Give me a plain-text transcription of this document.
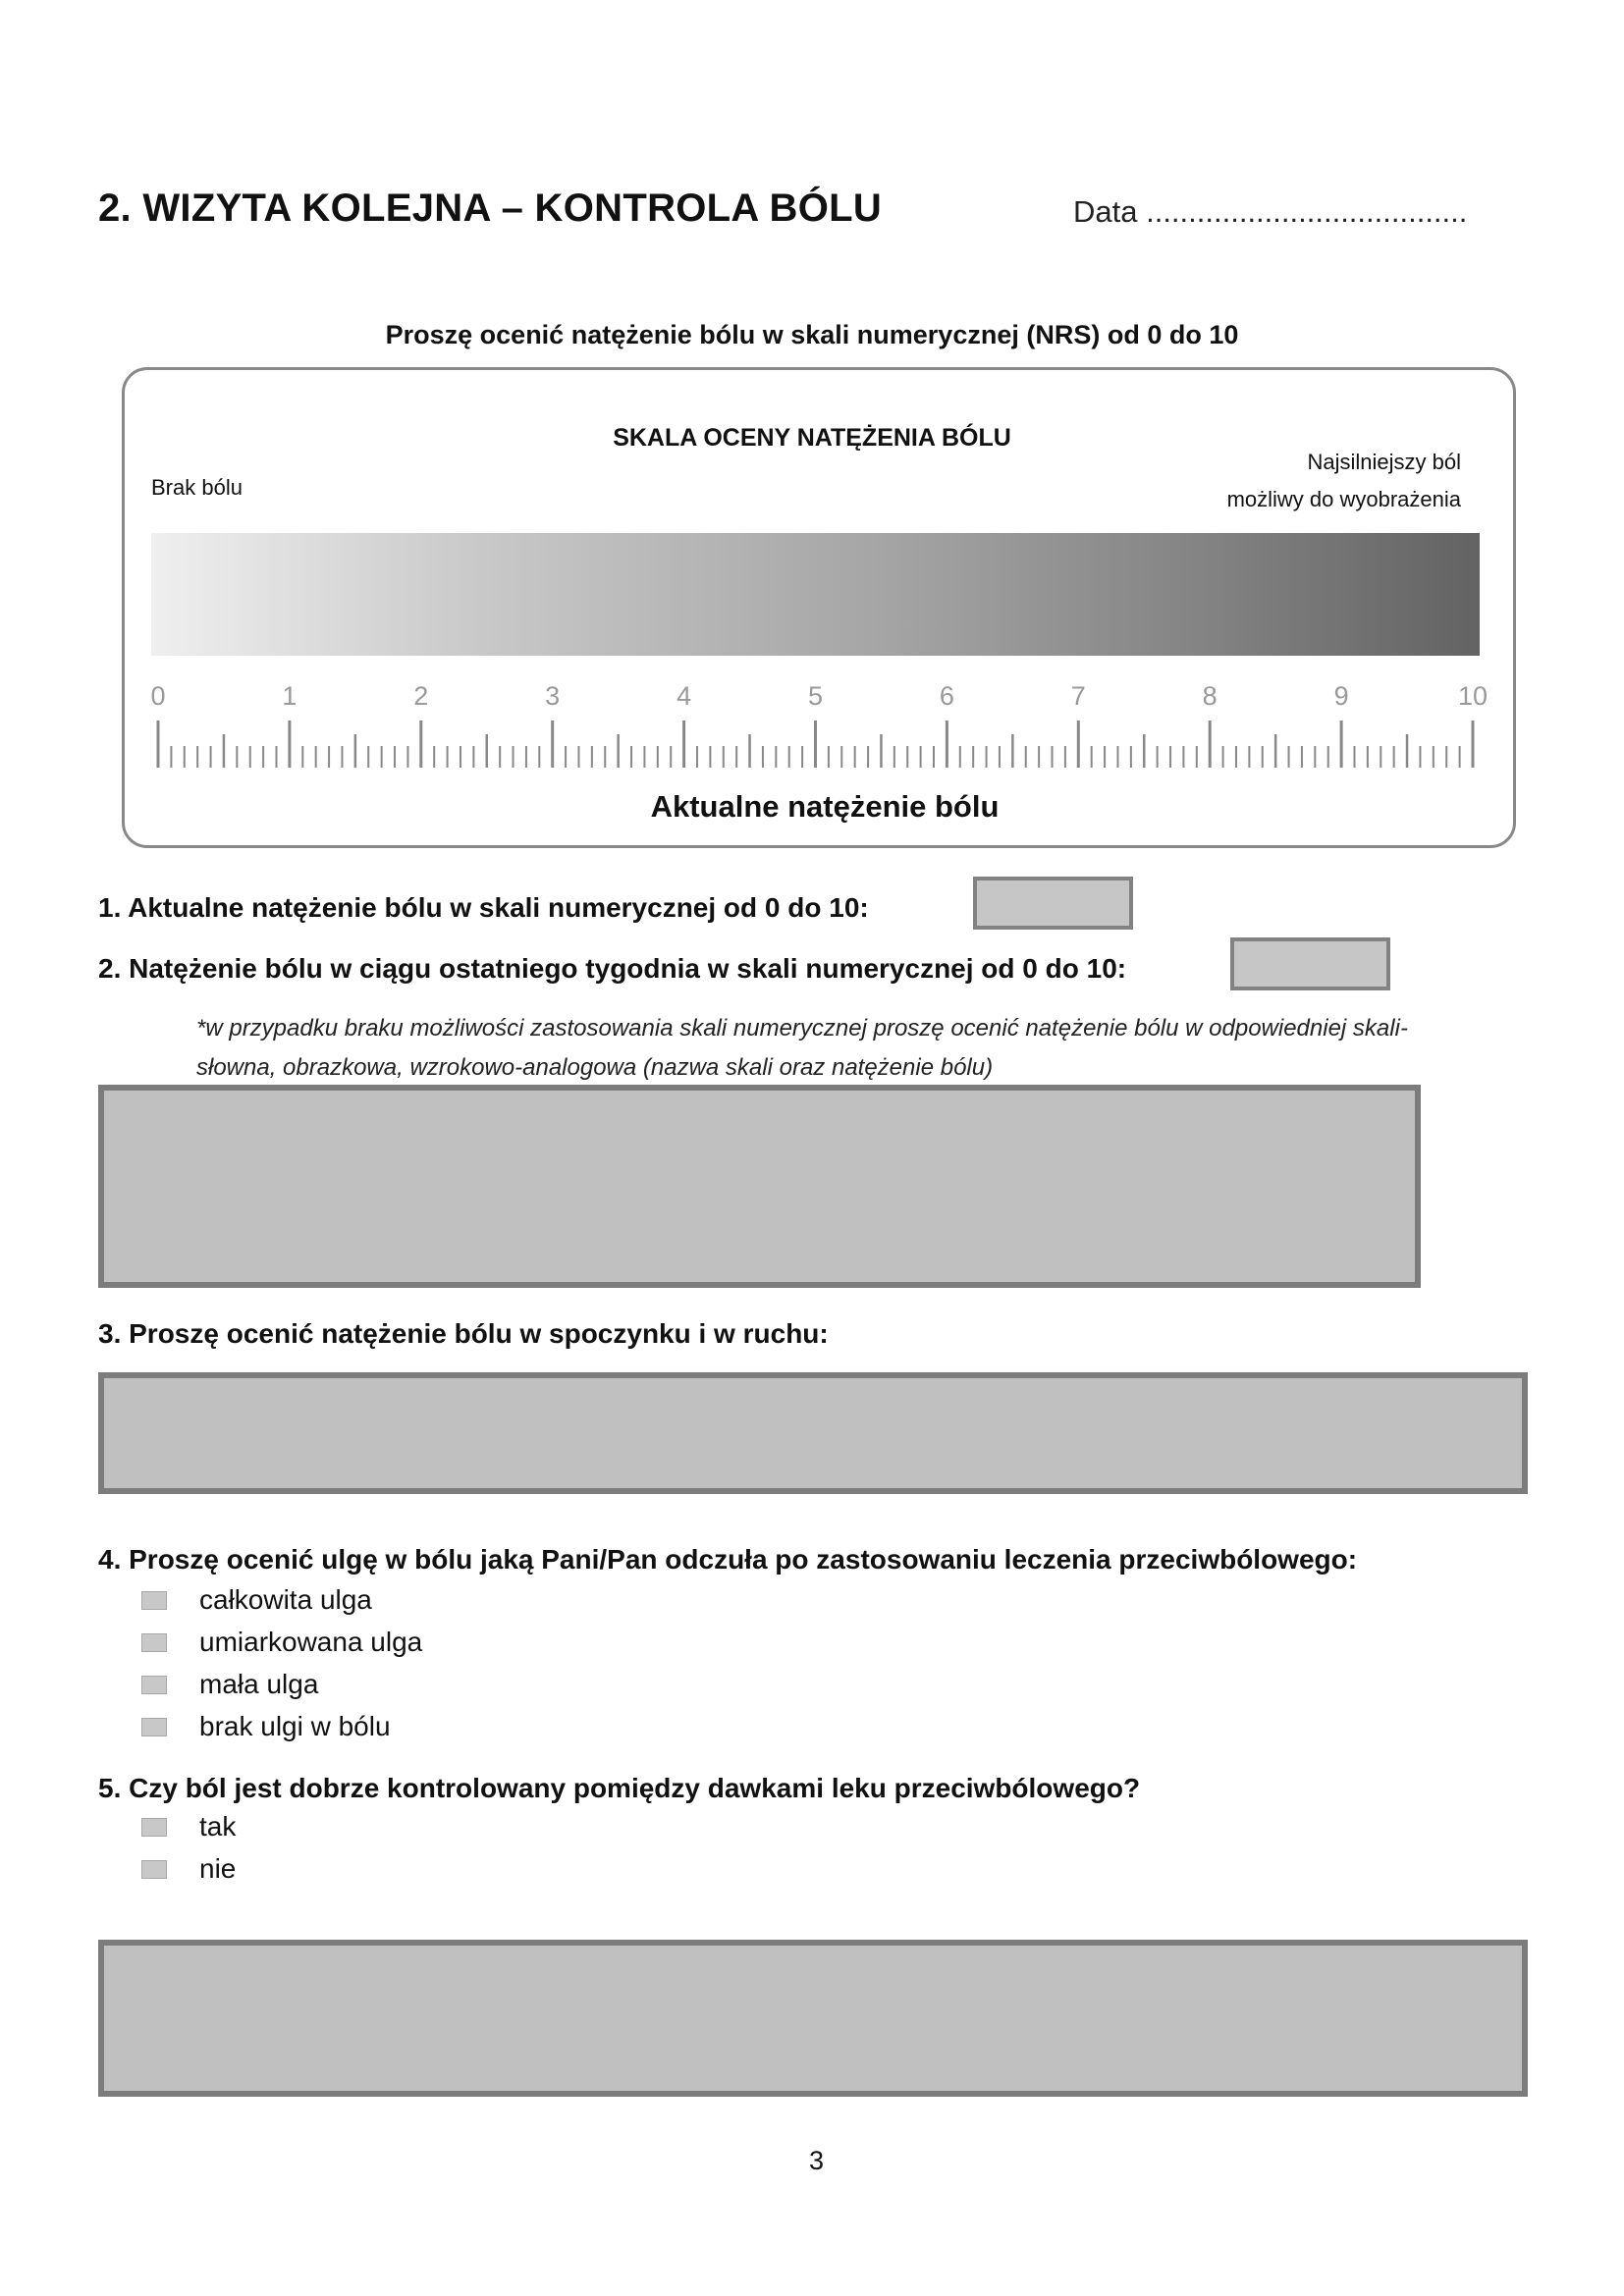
2. WIZYTA KOLEJNA – KONTROLA BÓLU	Data ......................................
Proszę ocenić natężenie bólu w skali numerycznej (NRS) od 0 do 10
SKALA OCENY NATĘŻENIA BÓLU
Brak bólu
Najsilniejszy ból
możliwy do wyobrażenia
0	1	2	3	4	5	6	7	8	9	10
Aktualne natężenie bólu
1. Aktualne natężenie bólu w skali numerycznej od 0 do 10:
2. Natężenie bólu w ciągu ostatniego tygodnia w skali numerycznej od 0 do 10:
*w przypadku braku możliwości zastosowania skali numerycznej proszę ocenić natężenie bólu w odpowiedniej skali-
słowna, obrazkowa, wzrokowo-analogowa (nazwa skali oraz natężenie bólu)
3. Proszę ocenić natężenie bólu w spoczynku i w ruchu:
4. Proszę ocenić ulgę w bólu jaką Pani/Pan odczuła po zastosowaniu leczenia przeciwbólowego:
całkowita ulga
umiarkowana ulga
mała ulga
brak ulgi w bólu
5. Czy ból jest dobrze kontrolowany pomiędzy dawkami leku przeciwbólowego?
tak
nie
3
